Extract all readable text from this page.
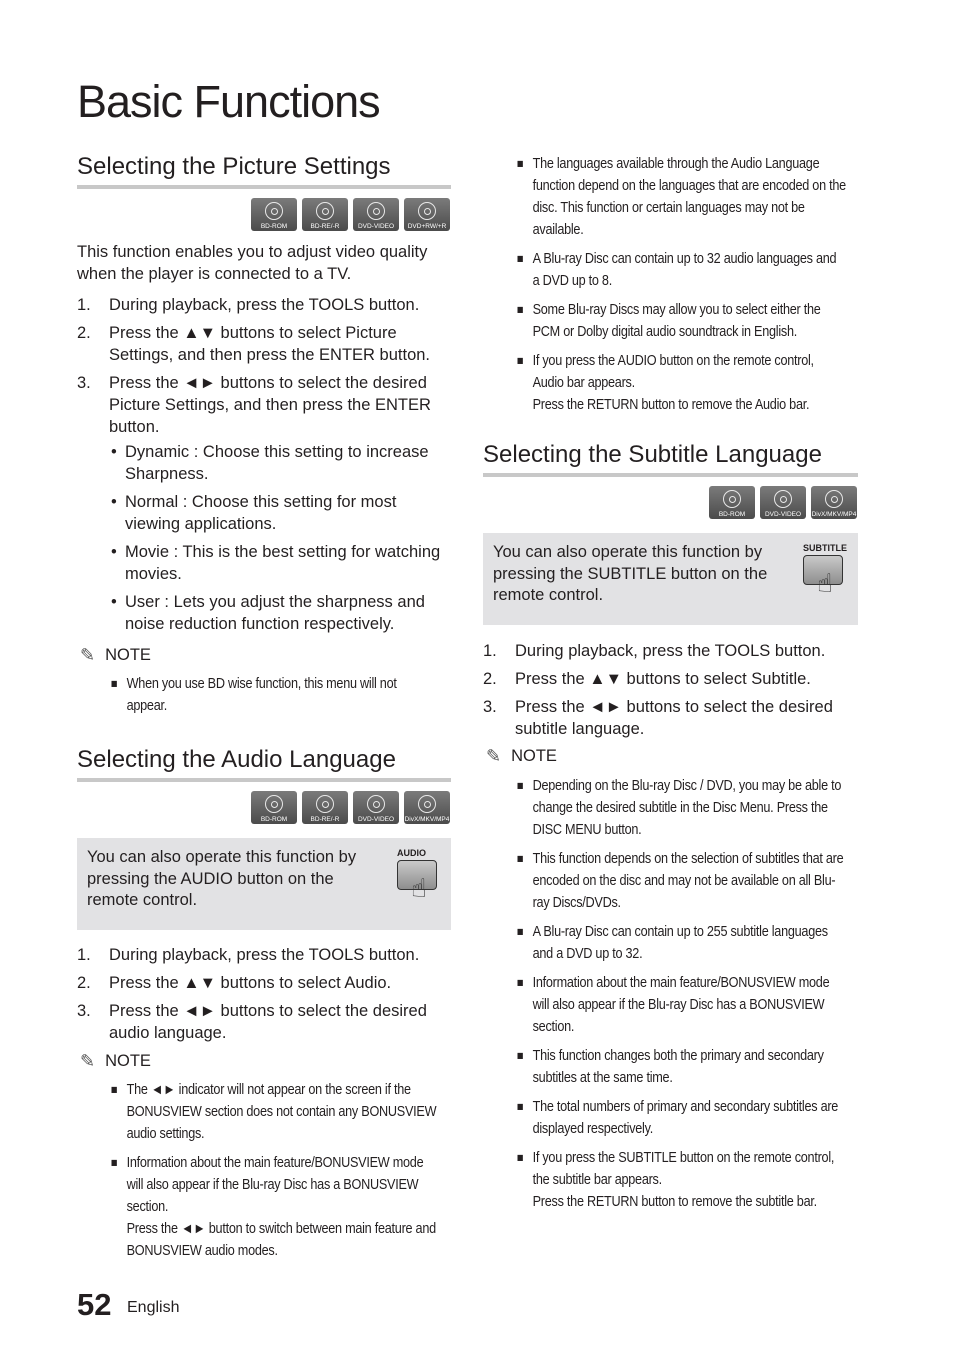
Basic Functions
Selecting the Picture Settings
BD-ROM	BD-RE/-R	DVD-VIDEO	DVD+RW/+R

This function enables you to adjust video quality when the player is connected to a TV.

1. During playback, press the TOOLS button.
2. Press the ▲▼ buttons to select Picture Settings, and then press the ENTER button.
3. Press the ◄► buttons to select the desired Picture Settings, and then press the ENTER button.
• Dynamic : Choose this setting to increase Sharpness.
• Normal : Choose this setting for most viewing applications.
• Movie : This is the best setting for watching movies.
• User : Lets you adjust the sharpness and noise reduction function respectively.
✎ NOTE
■ When you use BD wise function, this menu will not appear.
Selecting the Audio Language
BD-ROM	BD-RE/-R	DVD-VIDEO	DivX/MKV/MP4

You can also operate this function by pressing the AUDIO button on the remote control.

AUDIO
☝
1. During playback, press the TOOLS button.
2. Press the ▲▼ buttons to select Audio.
3. Press the ◄► buttons to select the desired audio language.
✎ NOTE
■ The ◄► indicator will not appear on the screen if the BONUSVIEW section does not contain any BONUSVIEW audio settings.
■ Information about the main feature/BONUSVIEW mode will also appear if the Blu-ray Disc has a BONUSVIEW section.
Press the ◄► button to switch between main feature and BONUSVIEW audio modes.
■ The languages available through the Audio Language function depend on the languages that are encoded on the disc. This function or certain languages may not be available.
■ A Blu-ray Disc can contain up to 32 audio languages and a DVD up to 8.
■ Some Blu-ray Discs may allow you to select either the PCM or Dolby digital audio soundtrack in English.
■ If you press the AUDIO button on the remote control, Audio bar appears.
Press the RETURN button to remove the Audio bar.
Selecting the Subtitle Language
BD-ROM	DVD-VIDEO	DivX/MKV/MP4

You can also operate this function by pressing the SUBTITLE button on the remote control.

SUBTITLE
☝
1. During playback, press the TOOLS button.
2. Press the ▲▼ buttons to select Subtitle.
3. Press the ◄► buttons to select the desired subtitle language.
✎ NOTE
■ Depending on the Blu-ray Disc / DVD, you may be able to change the desired subtitle in the Disc Menu. Press the DISC MENU button.
■ This function depends on the selection of subtitles that are encoded on the disc and may not be available on all Blu-ray Discs/DVDs.
■ A Blu-ray Disc can contain up to 255 subtitle languages and a DVD up to 32.
■ Information about the main feature/BONUSVIEW mode will also appear if the Blu-ray Disc has a BONUSVIEW section.
■ This function changes both the primary and secondary subtitles at the same time.
■ The total numbers of primary and secondary subtitles are displayed respectively.
■ If you press the SUBTITLE button on the remote control, the subtitle bar appears.
Press the RETURN button to remove the subtitle bar.
52 English
